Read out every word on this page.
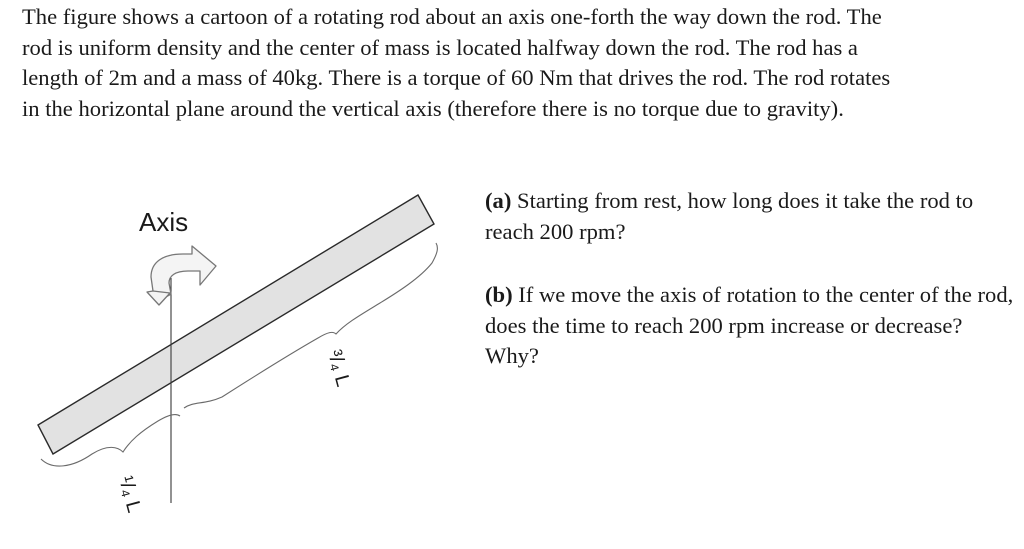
The figure shows a cartoon of a rotating rod about an axis one-forth the way down the rod. The
rod is uniform density and the center of mass is located halfway down the rod. The rod has a
length of 2m and a mass of 40kg. There is a torque of 60 Nm that drives the rod. The rod rotates
in the horizontal plane around the vertical axis (therefore there is no torque due to gravity).

Axis
¹/₄ L
³/₄ L

(a) Starting from rest, how long does it take the rod to reach 200 rpm?

(b) If we move the axis of rotation to the center of the rod, does the time to reach 200 rpm increase or decrease? Why?
